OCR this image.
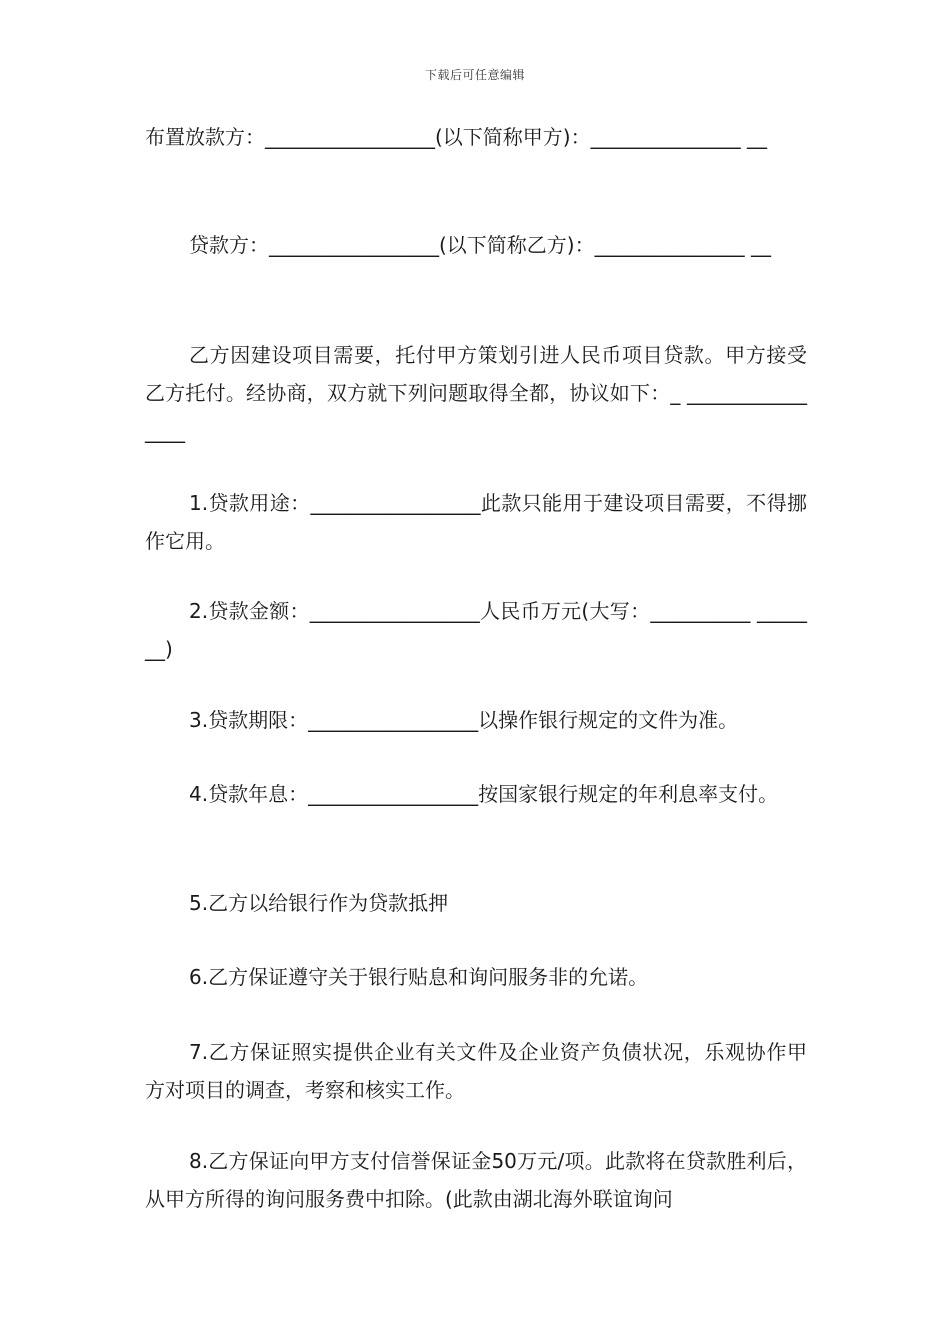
下载后可任意编辑

布置放款方：_________________(以下简称甲方)：_______________ __

贷款方：_________________(以下简称乙方)：_______________ __

乙方因建设项目需要，托付甲方策划引进人民币项目贷款。甲方接受乙方托付。经协商，双方就下列问题取得全都，协议如下：_ ________________

1.贷款用途：_________________此款只能用于建设项目需要，不得挪作它用。

2.贷款金额：_________________人民币万元(大写：__________ _______)

3.贷款期限：_________________以操作银行规定的文件为准。

4.贷款年息：_________________按国家银行规定的年利息率支付。

5.乙方以给银行作为贷款抵押

6.乙方保证遵守关于银行贴息和询问服务非的允诺。

7.乙方保证照实提供企业有关文件及企业资产负债状况，乐观协作甲方对项目的调查，考察和核实工作。

8.乙方保证向甲方支付信誉保证金50万元/项。此款将在贷款胜利后，从甲方所得的询问服务费中扣除。(此款由湖北海外联谊询问
